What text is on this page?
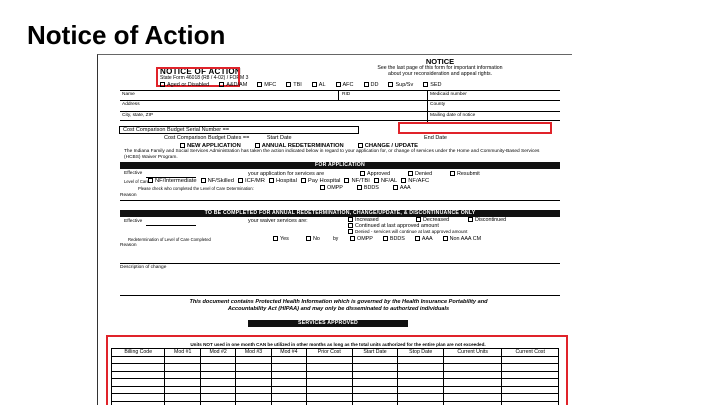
Notice of Action
NOTICE OF ACTION
State Form 46018 (R8 / 4-02) / FORM 3
NOTICE
See the last page of this form for important information
about your reconsideration and appeal rights.
Aged or Disabled	A&D/AM	MFC	TBI	AL	AFC	DD	Sup/Sv	SED
Name	RID	Medicaid number
Address	County
City, state, ZIP	Mailing date of notice
Cost Comparison Budget Serial Number ==
Cost Comparison Budget Dates ==	Start Date	End Date
NEW APPLICATION	ANNUAL REDETERMINATION	CHANGE / UPDATE
The Indiana Family and Social Services Administration has taken the action indicated below in regard to your application for, or change of services under the Home and Community-Based Services (HCBS) Waiver Program.
FOR APPLICATION
Effective	your application for services are	Approved	Denied	Resubmit
Level of Care	NF/Intermediate	NF/Skilled	ICF/MR	Hospital	Pay Hospital	NF/TBI	NF/AL	NF/AFC
Please check who completed the Level of Care Determination:	OMPP	BDDS	AAA
Reason
TO BE COMPLETED FOR ANNUAL REDETERMINATION, CHANGE/UPDATE, & DISCONTINUANCE ONLY
Effective	your waiver services are:	Increased	Decreased	Discontinued
Continued at last approved amount
Denied - services will continue at last approved amount
Redetermination of Level of Care Completed	Yes	No	by	OMPP	BDDS	AAA	Non AAA CM
Reason
Description of change
This document contains Protected Health Information which is governed by the Health Insurance Portability and
Accountability Act (HIPAA) and may only be disseminated to authorized individuals
SERVICES APPROVED
Units NOT used in one month CAN be utilized in other months as long as the total units authorized for the entire plan are not exceeded.
Billing Code	Mod #1	Mod #2	Mod #3	Mod #4	Prior Cost	Start Date	Stop Date	Current Units	Current Cost
